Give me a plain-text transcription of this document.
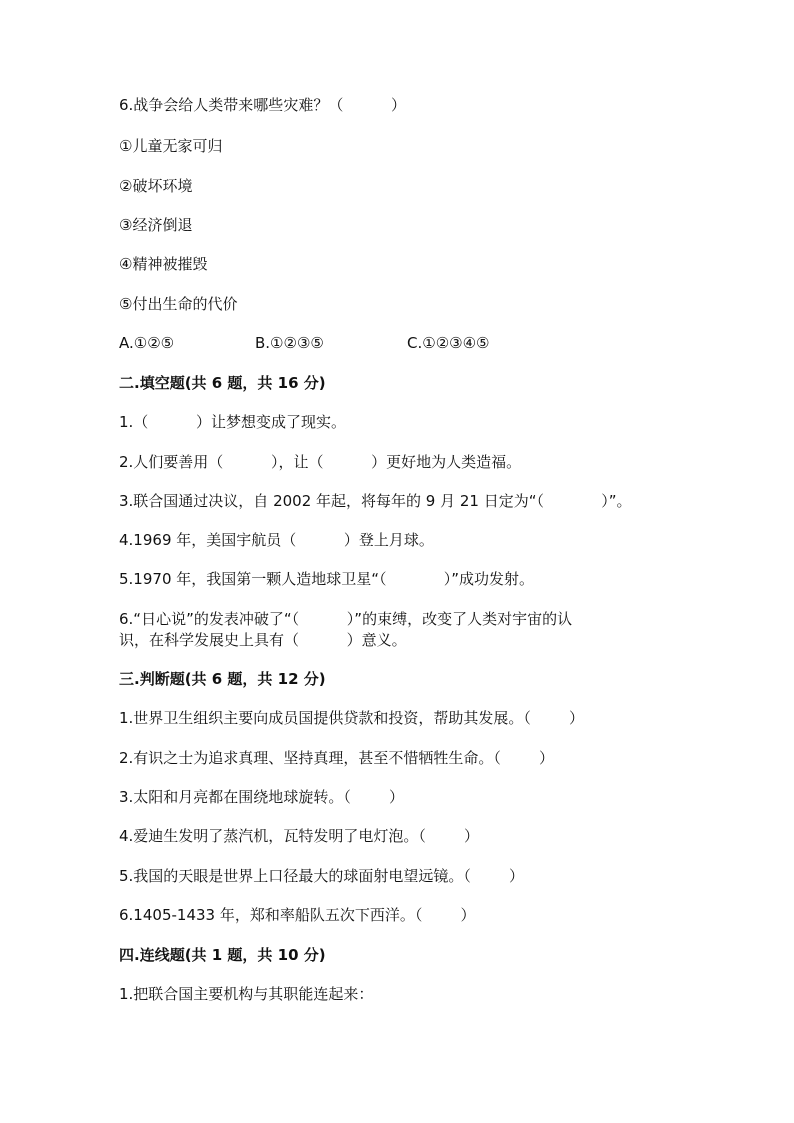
6.战争会给人类带来哪些灾难？（          ）
①儿童无家可归
②破坏环境
③经济倒退
④精神被摧毁
⑤付出生命的代价
A.①②⑤	B.①②③⑤	C.①②③④⑤
二.填空题(共 6 题，共 16 分)
1.（          ）让梦想变成了现实。
2.人们要善用（          ），让（          ）更好地为人类造福。
3.联合国通过决议，自 2002 年起，将每年的 9 月 21 日定为“（            ）”。
4.1969 年，美国宇航员（          ）登上月球。
5.1970 年，我国第一颗人造地球卫星“（            ）”成功发射。
6.“日心说”的发表冲破了“（          ）”的束缚，改变了人类对宇宙的认
识，在科学发展史上具有（          ）意义。
三.判断题(共 6 题，共 12 分)
1.世界卫生组织主要向成员国提供贷款和投资，帮助其发展。（        ）
2.有识之士为追求真理、坚持真理，甚至不惜牺牲生命。（        ）
3.太阳和月亮都在围绕地球旋转。（        ）
4.爱迪生发明了蒸汽机，瓦特发明了电灯泡。（        ）
5.我国的天眼是世界上口径最大的球面射电望远镜。（        ）
6.1405-1433 年，郑和率船队五次下西洋。（        ）
四.连线题(共 1 题，共 10 分)
1.把联合国主要机构与其职能连起来：
